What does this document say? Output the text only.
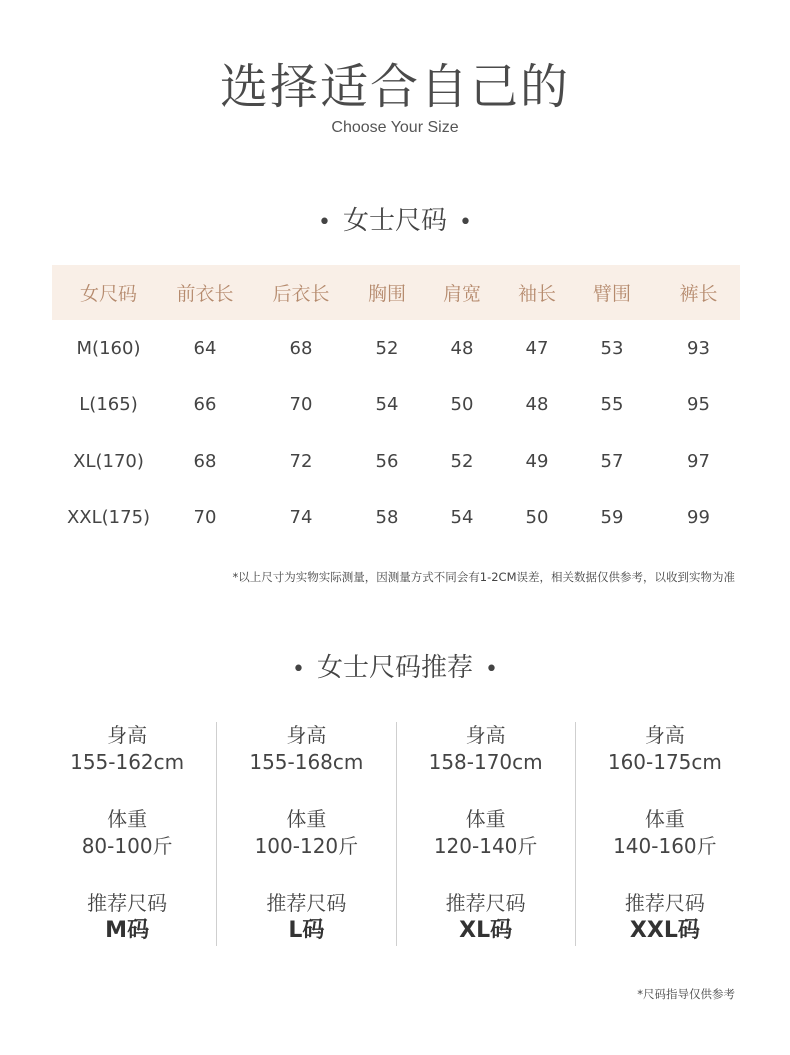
选择适合自己的
Choose Your Size
• 女士尺码 •
女尺码	前衣长	后衣长	胸围	肩宽	袖长	臂围	裤长
M(160)	64	68	52	48	47	53	93
L(165)	66	70	54	50	48	55	95
XL(170)	68	72	56	52	49	57	97
XXL(175)	70	74	58	54	50	59	99
*以上尺寸为实物实际测量，因测量方式不同会有1-2CM误差，相关数据仅供参考，以收到实物为准
• 女士尺码推荐 •
身高
155-162cm
体重
80-100斤
推荐尺码
M码
身高
155-168cm
体重
100-120斤
推荐尺码
L码
身高
158-170cm
体重
120-140斤
推荐尺码
XL码
身高
160-175cm
体重
140-160斤
推荐尺码
XXL码
*尺码指导仅供参考
